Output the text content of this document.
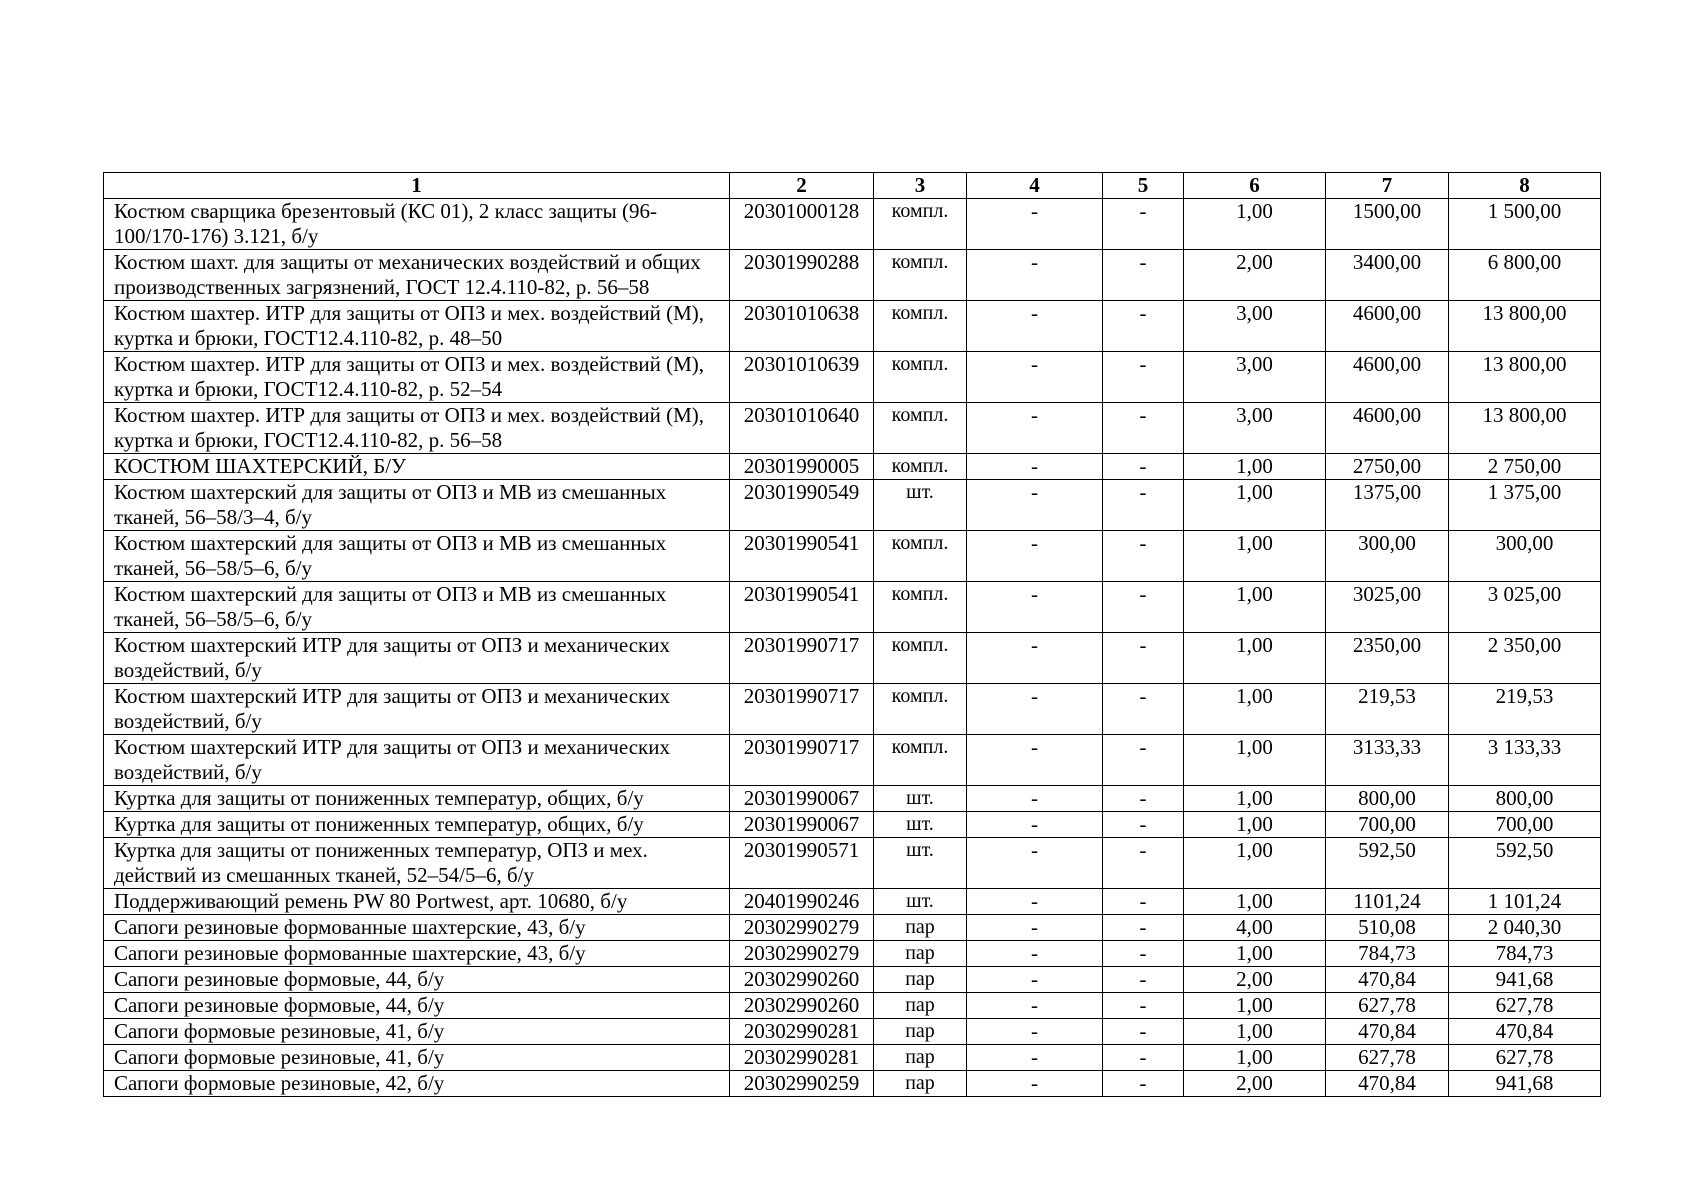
1	2	3	4	5	6	7	8
Костюм сварщика брезентовый (КС 01), 2 класс защиты (96-100/170-176) 3.121, б/у	20301000128	компл.	-	-	1,00	1500,00	1 500,00
Костюм шахт. для защиты от механических воздействий и общих производственных загрязнений, ГОСТ 12.4.110-82, р. 56–58	20301990288	компл.	-	-	2,00	3400,00	6 800,00
Костюм шахтер. ИТР для защиты от ОПЗ и мех. воздействий (М), куртка и брюки, ГОСТ12.4.110-82, р. 48–50	20301010638	компл.	-	-	3,00	4600,00	13 800,00
Костюм шахтер. ИТР для защиты от ОПЗ и мех. воздействий (М), куртка и брюки, ГОСТ12.4.110-82, р. 52–54	20301010639	компл.	-	-	3,00	4600,00	13 800,00
Костюм шахтер. ИТР для защиты от ОПЗ и мех. воздействий (М), куртка и брюки, ГОСТ12.4.110-82, р. 56–58	20301010640	компл.	-	-	3,00	4600,00	13 800,00
КОСТЮМ ШАХТЕРСКИЙ, Б/У	20301990005	компл.	-	-	1,00	2750,00	2 750,00
Костюм шахтерский для защиты от ОПЗ и МВ из смешанных тканей, 56–58/3–4, б/у	20301990549	шт.	-	-	1,00	1375,00	1 375,00
Костюм шахтерский для защиты от ОПЗ и МВ из смешанных тканей, 56–58/5–6, б/у	20301990541	компл.	-	-	1,00	300,00	300,00
Костюм шахтерский для защиты от ОПЗ и МВ из смешанных тканей, 56–58/5–6, б/у	20301990541	компл.	-	-	1,00	3025,00	3 025,00
Костюм шахтерский ИТР для защиты от ОПЗ и механических воздействий, б/у	20301990717	компл.	-	-	1,00	2350,00	2 350,00
Костюм шахтерский ИТР для защиты от ОПЗ и механических воздействий, б/у	20301990717	компл.	-	-	1,00	219,53	219,53
Костюм шахтерский ИТР для защиты от ОПЗ и механических воздействий, б/у	20301990717	компл.	-	-	1,00	3133,33	3 133,33
Куртка для защиты от пониженных температур, общих, б/у	20301990067	шт.	-	-	1,00	800,00	800,00
Куртка для защиты от пониженных температур, общих, б/у	20301990067	шт.	-	-	1,00	700,00	700,00
Куртка для защиты от пониженных температур, ОПЗ и мех. действий из смешанных тканей, 52–54/5–6, б/у	20301990571	шт.	-	-	1,00	592,50	592,50
Поддерживающий ремень PW 80 Portwest, арт. 10680, б/у	20401990246	шт.	-	-	1,00	1101,24	1 101,24
Сапоги резиновые формованные шахтерские, 43, б/у	20302990279	пар	-	-	4,00	510,08	2 040,30
Сапоги резиновые формованные шахтерские, 43, б/у	20302990279	пар	-	-	1,00	784,73	784,73
Сапоги резиновые формовые, 44, б/у	20302990260	пар	-	-	2,00	470,84	941,68
Сапоги резиновые формовые, 44, б/у	20302990260	пар	-	-	1,00	627,78	627,78
Сапоги формовые резиновые, 41, б/у	20302990281	пар	-	-	1,00	470,84	470,84
Сапоги формовые резиновые, 41, б/у	20302990281	пар	-	-	1,00	627,78	627,78
Сапоги формовые резиновые, 42, б/у	20302990259	пар	-	-	2,00	470,84	941,68
